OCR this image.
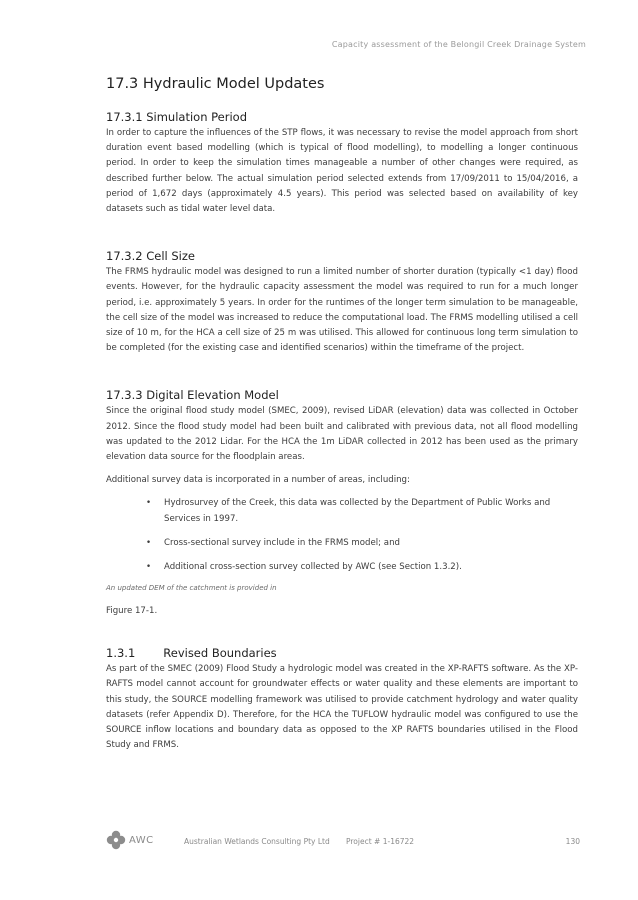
Capacity assessment of the Belongil Creek Drainage System
17.3 Hydraulic Model Updates
17.3.1 Simulation Period

In order to capture the influences of the STP flows, it was necessary to revise the model approach from short duration event based modelling (which is typical of flood modelling), to modelling a longer continuous period. In order to keep the simulation times manageable a number of other changes were required, as described further below. The actual simulation period selected extends from 17/09/2011 to 15/04/2016, a period of 1,672 days (approximately 4.5 years). This period was selected based on availability of key datasets such as tidal water level data.

17.3.2 Cell Size

The FRMS hydraulic model was designed to run a limited number of shorter duration (typically <1 day) flood events. However, for the hydraulic capacity assessment the model was required to run for a much longer period, i.e. approximately 5 years. In order for the runtimes of the longer term simulation to be manageable, the cell size of the model was increased to reduce the computational load. The FRMS modelling utilised a cell size of 10 m, for the HCA a cell size of 25 m was utilised. This allowed for continuous long term simulation to be completed (for the existing case and identified scenarios) within the timeframe of the project.

17.3.3 Digital Elevation Model

Since the original flood study model (SMEC, 2009), revised LiDAR (elevation) data was collected in October 2012. Since the flood study model had been built and calibrated with previous data, not all flood modelling was updated to the 2012 Lidar. For the HCA the 1m LiDAR collected in 2012 has been used as the primary elevation data source for the floodplain areas.

Additional survey data is incorporated in a number of areas, including:

• Hydrosurvey of the Creek, this data was collected by the Department of Public Works and Services in 1997.
• Cross-sectional survey include in the FRMS model; and
• Additional cross-section survey collected by AWC (see Section 1.3.2).
An updated DEM of the catchment is provided in
Figure 17-1.
1.3.1 Revised Boundaries

As part of the SMEC (2009) Flood Study a hydrologic model was created in the XP-RAFTS software. As the XP-RAFTS model cannot account for groundwater effects or water quality and these elements are important to this study, the SOURCE modelling framework was utilised to provide catchment hydrology and water quality datasets (refer Appendix D). Therefore, for the HCA the TUFLOW hydraulic model was configured to use the SOURCE inflow locations and boundary data as opposed to the XP RAFTS boundaries utilised in the Flood Study and FRMS.

AWC	Australian Wetlands Consulting Pty Ltd Project # 1-16722	130
